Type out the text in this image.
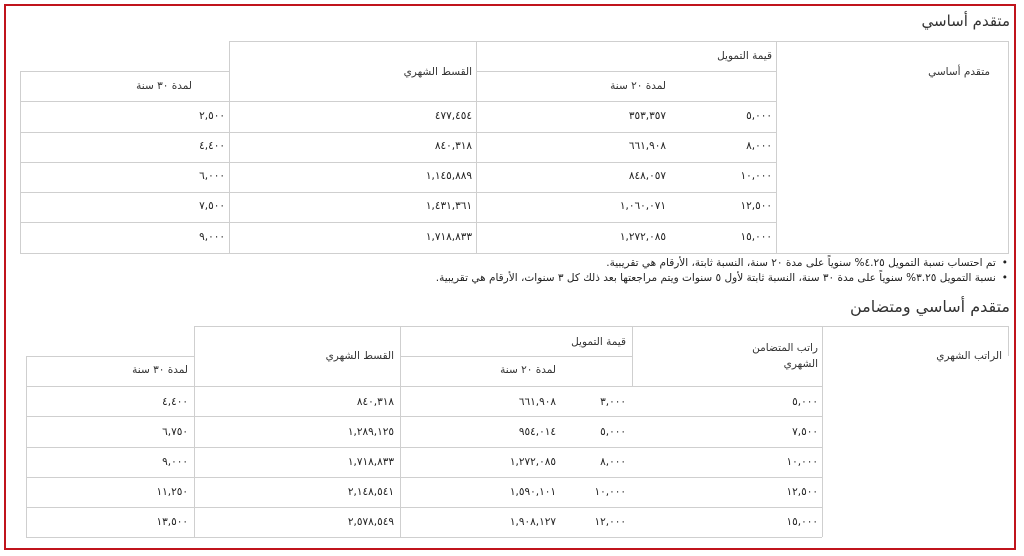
متقدم أساسي
متقدم أساسي
قيمة التمويل
القسط الشهري
لمدة ٢٠ سنة
لمدة ٣٠ سنة
٥,٠٠٠
٣٥٣,٣٥٧
٤٧٧,٤٥٤
٢,٥٠٠
٨,٠٠٠
٦٦١,٩٠٨
٨٤٠,٣١٨
٤,٤٠٠
١٠,٠٠٠
٨٤٨,٠٥٧
١,١٤٥,٨٨٩
٦,٠٠٠
١٢,٥٠٠
١,٠٦٠,٠٧١
١,٤٣١,٣٦١
٧,٥٠٠
١٥,٠٠٠
١,٢٧٢,٠٨٥
١,٧١٨,٨٣٣
٩,٠٠٠
• تم احتساب نسبة التمويل ٤.٢٥% سنوياً على مدة ٢٠ سنة، النسبة ثابتة، الأرقام هي تقريبية.
• نسبة التمويل ٣.٢٥% سنوياً على مدة ٣٠ سنة، النسبة ثابتة لأول ٥ سنوات ويتم مراجعتها بعد ذلك كل ٣ سنوات، الأرقام هي تقريبية.
متقدم أساسي ومتضامن
الراتب الشهري
راتب المتضامن
الشهري
قيمة التمويل
القسط الشهري
لمدة ٢٠ سنة
لمدة ٣٠ سنة
٥,٠٠٠
٣,٠٠٠
٦٦١,٩٠٨
٨٤٠,٣١٨
٤,٤٠٠
٧,٥٠٠
٥,٠٠٠
٩٥٤,٠١٤
١,٢٨٩,١٢٥
٦,٧٥٠
١٠,٠٠٠
٨,٠٠٠
١,٢٧٢,٠٨٥
١,٧١٨,٨٣٣
٩,٠٠٠
١٢,٥٠٠
١٠,٠٠٠
١,٥٩٠,١٠١
٢,١٤٨,٥٤١
١١,٢٥٠
١٥,٠٠٠
١٢,٠٠٠
١,٩٠٨,١٢٧
٢,٥٧٨,٥٤٩
١٣,٥٠٠
